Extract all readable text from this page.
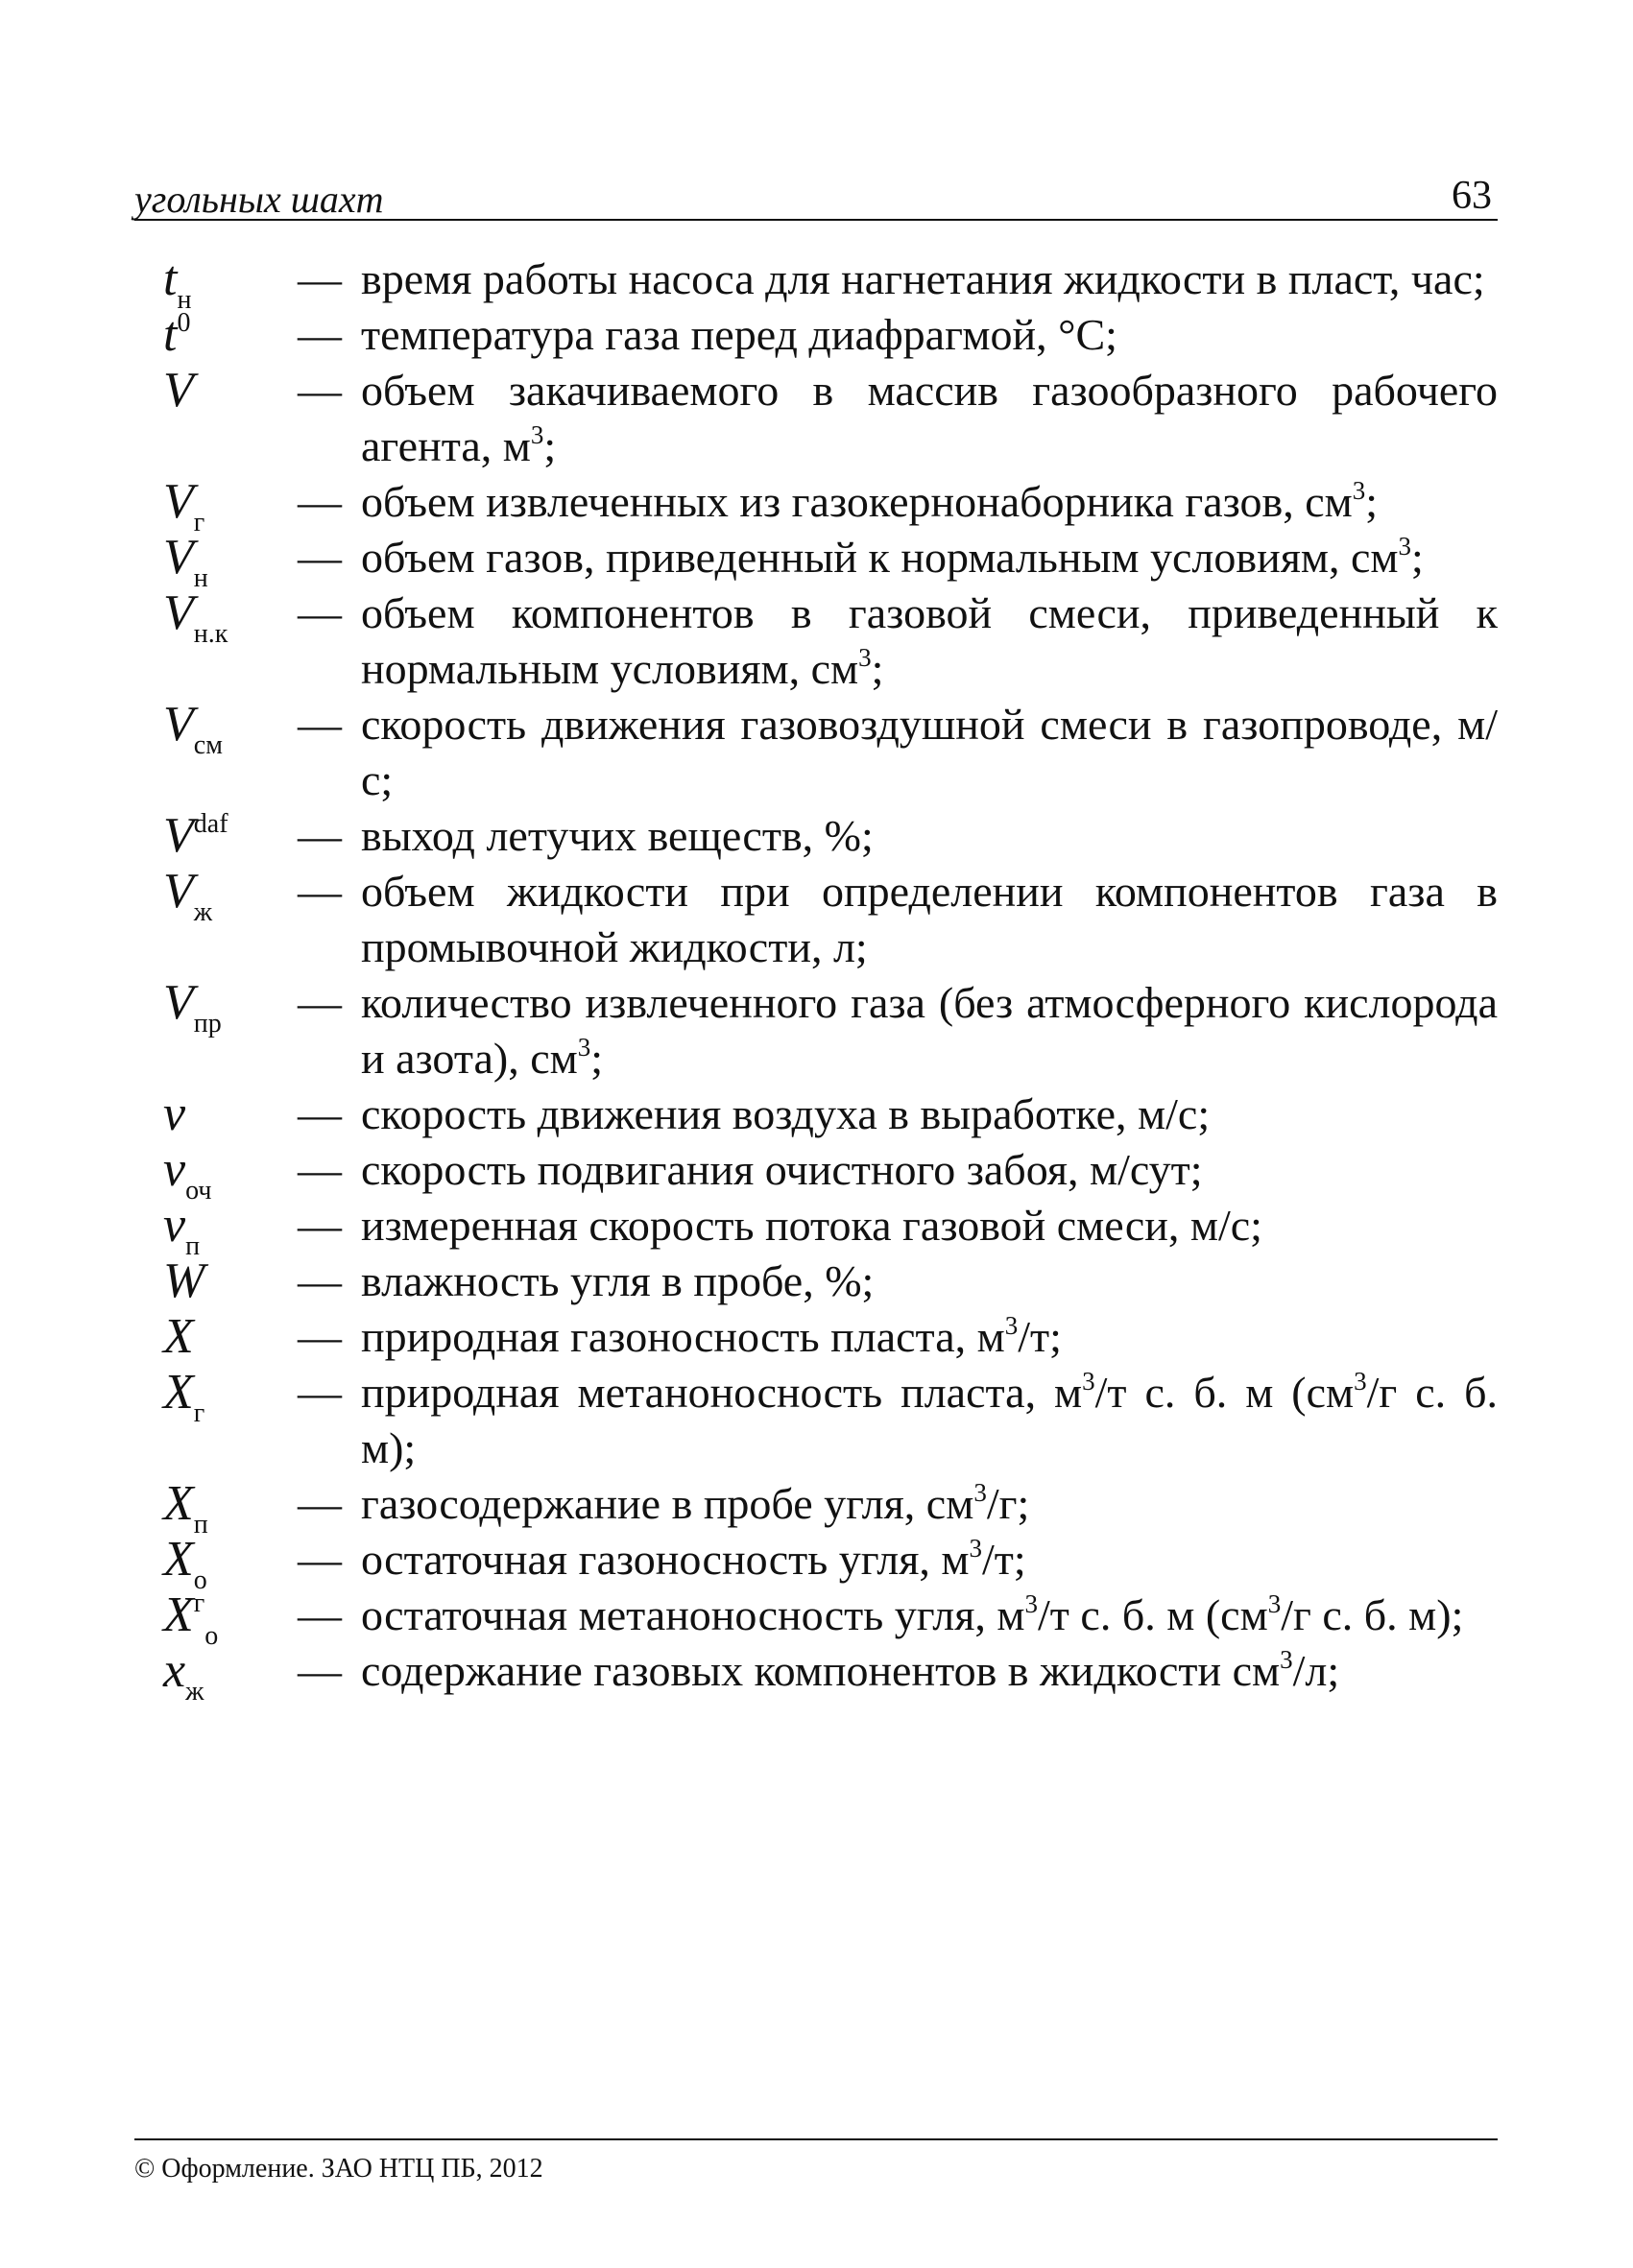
угольных шахт	63
$t_н$	— время работы насоса для нагнетания жидкости в пласт, час;
$t^0$	— температура газа перед диафрагмой, °С;
V	— объем закачиваемого в массив газообразного рабочего агента, $м^3$;
$V_г$	— объем извлеченных из газокернонаборника газов, $см^3$;
$V_н$	— объем газов, приведенный к нормальным условиям, $см^3$;
$V_{н.к}$	— объем компонентов в газовой смеси, приведенный к нормальным условиям, $см^3$;
$V_{см}$	— скорость движения газовоздушной смеси в газопроводе, м/с;
$V^{daf}$	— выход летучих веществ, %;
$V_ж$	— объем жидкости при определении компонентов газа в промывочной жидкости, л;
$V_{пр}$	— количество извлеченного газа (без атмосферного кислорода и азота), $см^3$;
v	— скорость движения воздуха в выработке, м/с;
$v_{оч}$	— скорость подвигания очистного забоя, м/сут;
$v_п$	— измеренная скорость потока газовой смеси, м/с;
W	— влажность угля в пробе, %;
X	— природная газоносность пласта, $м^3/т$;
$X_г$	— природная метаноносность пласта, $м^3/т$ с. б. м ($см^3/г$ с. б. м);
$X_п$	— газосодержание в пробе угля, $см^3/г$;
$X_о$	— остаточная газоносность угля, $м^3/т$;
$X^г_о$	— остаточная метаноносность угля, $м^3/т$ с. б. м ($см^3/г$ с. б. м);
$x_ж$	— содержание газовых компонентов в жидкости $см^3/л$;
© Оформление. ЗАО НТЦ ПБ, 2012
